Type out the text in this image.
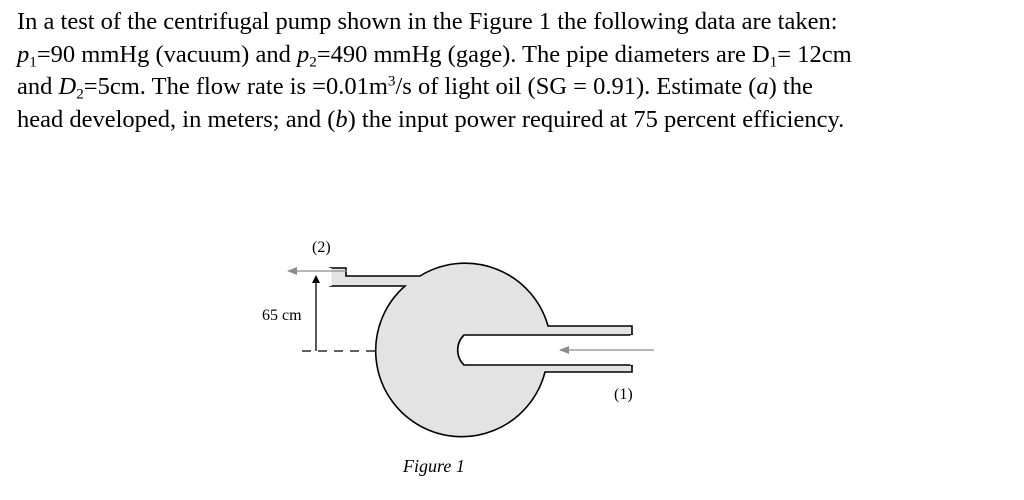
In a test of the centrifugal pump shown in the Figure 1 the following data are taken:
$p_1=90$ mmHg (vacuum) and $p_2=490$ mmHg (gage). The pipe diameters are $D_1= 12cm$
and $D_2=5cm$. The flow rate is $=0.01m^3/s$ of light oil (SG = 0.91). Estimate (a) the
head developed, in meters; and (b) the input power required at 75 percent efficiency.
(2)
65 cm
(1)
Figure 1
